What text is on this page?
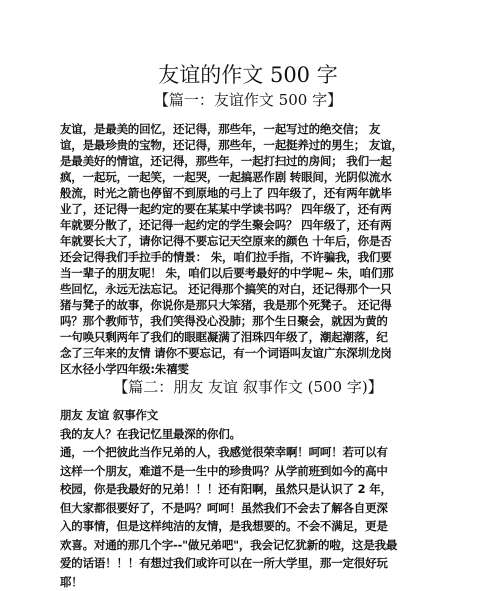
友谊的作文 500 字
【篇一：友谊作文 500 字】
友谊，是最美的回忆，还记得，那些年，一起写过的绝交信； 友
谊，是最珍贵的宝物，还记得，那些年，一起挺养过的男生； 友谊，
是最美好的情谊，还记得，那些年，一起打扫过的房间； 我们一起
疯，一起玩，一起笑，一起哭，一起搞恶作剧 转眼间，光阴似流水
般流，时光之箭也停留不到原地的弓上了 四年级了，还有两年就毕
业了，还记得一起约定的要在某某中学读书吗？ 四年级了，还有两
年就要分散了，还记得一起约定的学生聚会吗？ 四年级了，还有两
年就要长大了，请你记得不要忘记天空原来的颜色 十年后，你是否
还会记得我们手拉手的情景： 朱，咱们拉手指，不许骗我，我们要
当一辈子的朋友呢！ 朱，咱们以后要考最好的中学呢~ 朱，咱们那
些回忆，永远无法忘记。 还记得那个搞笑的对白，还记得那个一只
猪与凳子的故事，你说你是那只大笨猪，我是那个死凳子。 还记得
吗？那个教师节，我们笑得没心没肺；那个生日聚会，就因为黄的
一句唤只剩两年了我们的眼眶凝满了泪珠四年级了，潮起潮落，纪
念了三年来的友情 请你不要忘记，有一个词语叫友谊广东深圳龙岗
区水径小学四年级:朱禧雯
【篇二：朋友 友谊 叙事作文 (500 字)】
朋友 友谊 叙事作文
我的友人？在我记忆里最深的你们。
通，一个把彼此当作兄弟的人，我感觉很荣幸啊！呵呵！若可以有
这样一个朋友，难道不是一生中的珍贵吗？从学前班到如今的高中
校园，你是我最好的兄弟！！！还有阳啊，虽然只是认识了 2 年，
但大家都很要好了，不是吗？呵呵！虽然我们不会去了解各自更深
入的事情，但是这样纯洁的友情，是我想要的。不会不满足，更是
欢喜。对通的那几个字--"做兄弟吧"，我会记忆犹新的啦，这是我最
爱的话语！！！有想过我们或许可以在一所大学里，那一定很好玩
耶！
